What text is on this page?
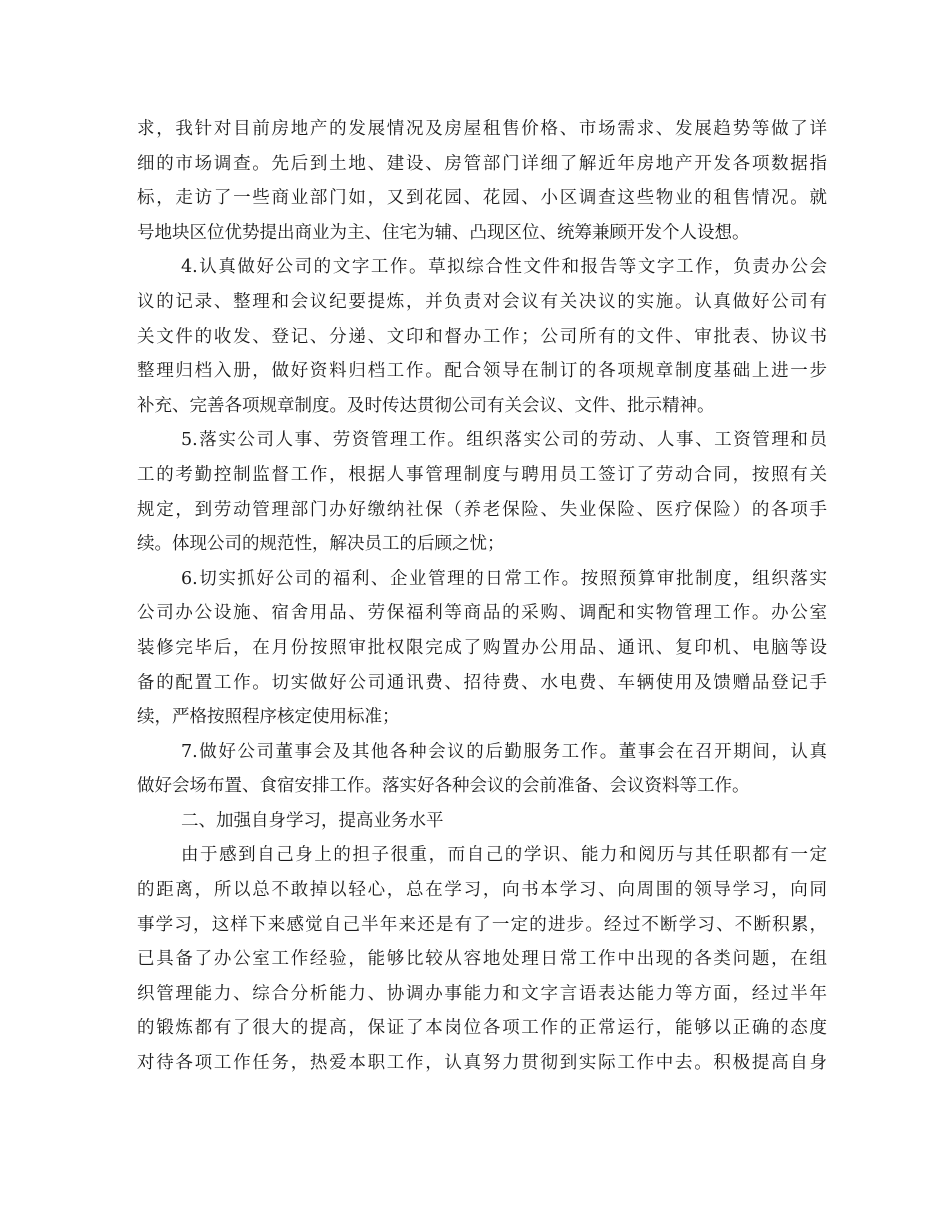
求，我针对目前房地产的发展情况及房屋租售价格、市场需求、发展趋势等做了详
细的市场调查。先后到土地、建设、房管部门详细了解近年房地产开发各项数据指
标，走访了一些商业部门如，又到花园、花园、小区调查这些物业的租售情况。就
号地块区位优势提出商业为主、住宅为辅、凸现区位、统筹兼顾开发个人设想。
4.认真做好公司的文字工作。草拟综合性文件和报告等文字工作，负责办公会
议的记录、整理和会议纪要提炼，并负责对会议有关决议的实施。认真做好公司有
关文件的收发、登记、分递、文印和督办工作；公司所有的文件、审批表、协议书
整理归档入册，做好资料归档工作。配合领导在制订的各项规章制度基础上进一步
补充、完善各项规章制度。及时传达贯彻公司有关会议、文件、批示精神。
5.落实公司人事、劳资管理工作。组织落实公司的劳动、人事、工资管理和员
工的考勤控制监督工作，根据人事管理制度与聘用员工签订了劳动合同，按照有关
规定，到劳动管理部门办好缴纳社保（养老保险、失业保险、医疗保险）的各项手
续。体现公司的规范性，解决员工的后顾之忧；
6.切实抓好公司的福利、企业管理的日常工作。按照预算审批制度，组织落实
公司办公设施、宿舍用品、劳保福利等商品的采购、调配和实物管理工作。办公室
装修完毕后，在月份按照审批权限完成了购置办公用品、通讯、复印机、电脑等设
备的配置工作。切实做好公司通讯费、招待费、水电费、车辆使用及馈赠品登记手
续，严格按照程序核定使用标准；
7.做好公司董事会及其他各种会议的后勤服务工作。董事会在召开期间，认真
做好会场布置、食宿安排工作。落实好各种会议的会前准备、会议资料等工作。
二、加强自身学习，提高业务水平
由于感到自己身上的担子很重，而自己的学识、能力和阅历与其任职都有一定
的距离，所以总不敢掉以轻心，总在学习，向书本学习、向周围的领导学习，向同
事学习，这样下来感觉自己半年来还是有了一定的进步。经过不断学习、不断积累，
已具备了办公室工作经验，能够比较从容地处理日常工作中出现的各类问题，在组
织管理能力、综合分析能力、协调办事能力和文字言语表达能力等方面，经过半年
的锻炼都有了很大的提高，保证了本岗位各项工作的正常运行，能够以正确的态度
对待各项工作任务，热爱本职工作，认真努力贯彻到实际工作中去。积极提高自身
